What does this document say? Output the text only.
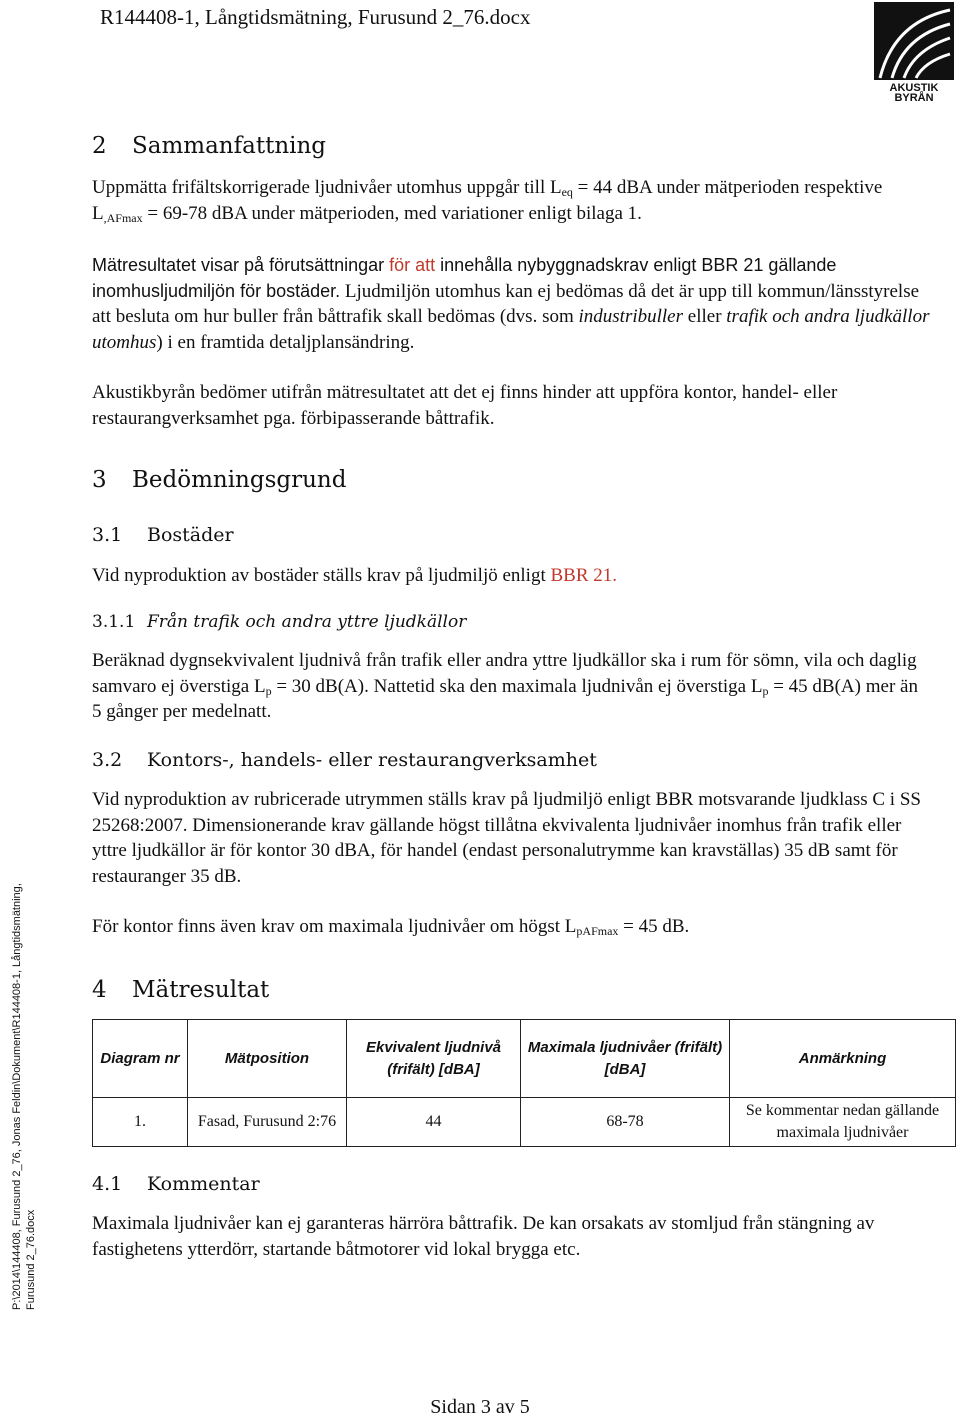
R144408-1, Långtidsmätning, Furusund 2_76.docx
AKUSTIK
BYRÅN
P:\2014\144408, Furusund 2_76, Jonas Feldin\Dokument\R144408-1, Långtidsmätning, Furusund 2_76.docx
2 Sammanfattning

Uppmätta frifältskorrigerade ljudnivåer utomhus uppgår till $L_{eq} = 44$ dBA under mätperioden respektive $L_{,AFmax} = 69-78$ dBA under mätperioden, med variationer enligt bilaga 1.

Mätresultatet visar på förutsättningar för att innehålla nybyggnadskrav enligt BBR 21 gällande inomhusljudmiljön för bostäder. Ljudmiljön utomhus kan ej bedömas då det är upp till kommun/länsstyrelse att besluta om hur buller från båttrafik skall bedömas (dvs. som industribuller eller trafik och andra ljudkällor utomhus) i en framtida detaljplansändring.

Akustikbyrån bedömer utifrån mätresultatet att det ej finns hinder att uppföra kontor, handel- eller restaurangverksamhet pga. förbipasserande båttrafik.

3 Bedömningsgrund
3.1 Bostäder

Vid nyproduktion av bostäder ställs krav på ljudmiljö enligt BBR 21.

3.1.1 Från trafik och andra yttre ljudkällor

Beräknad dygnsekvivalent ljudnivå från trafik eller andra yttre ljudkällor ska i rum för sömn, vila och daglig samvaro ej överstiga $L_p = 30$ dB(A). Nattetid ska den maximala ljudnivån ej överstiga $L_p = 45$ dB(A) mer än 5 gånger per medelnatt.

3.2 Kontors-, handels- eller restaurangverksamhet

Vid nyproduktion av rubricerade utrymmen ställs krav på ljudmiljö enligt BBR motsvarande ljudklass C i SS 25268:2007. Dimensionerande krav gällande högst tillåtna ekvivalenta ljudnivåer inomhus från trafik eller yttre ljudkällor är för kontor 30 dBA, för handel (endast personalutrymme kan kravställas) 35 dB samt för restauranger 35 dB.

För kontor finns även krav om maximala ljudnivåer om högst $L_{pAFmax} = 45$ dB.

4 Mätresultat
Diagram nr	Mätposition	Ekvivalent ljudnivå (frifält) [dBA]	Maximala ljudnivåer (frifält) [dBA]	Anmärkning
1.	Fasad, Furusund 2:76	44	68-78	Se kommentar nedan gällande maximala ljudnivåer
4.1 Kommentar

Maximala ljudnivåer kan ej garanteras härröra båttrafik. De kan orsakats av stomljud från stängning av fastighetens ytterdörr, startande båtmotorer vid lokal brygga etc.

Sidan 3 av 5
